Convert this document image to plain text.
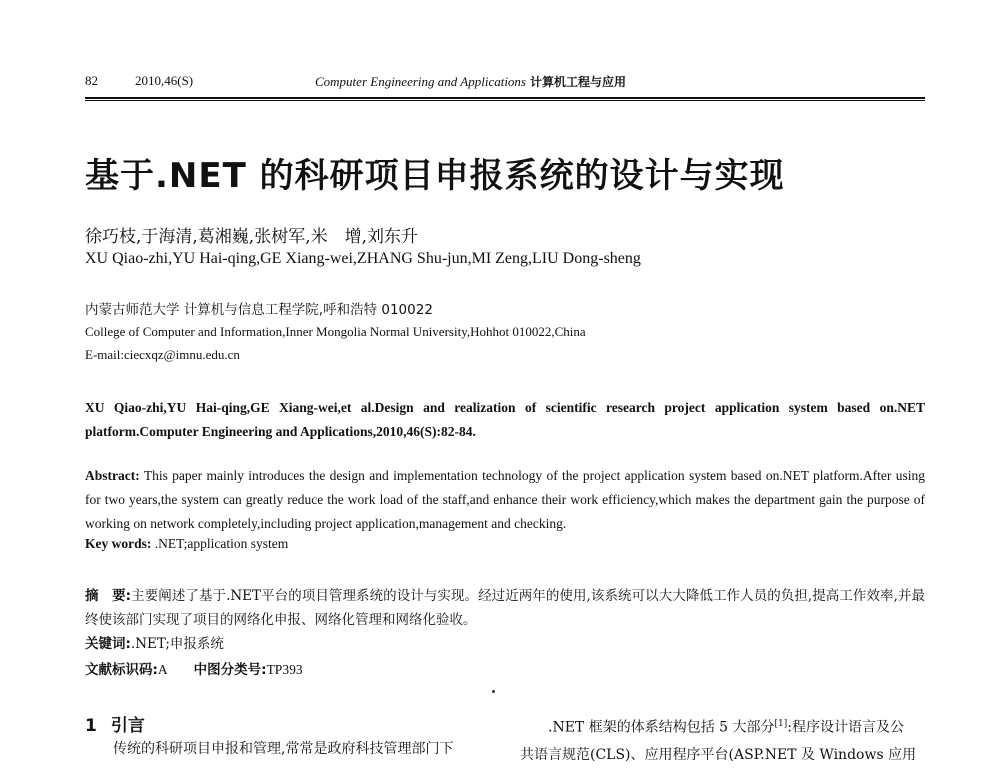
82	2010,46(S)	Computer Engineering and Applications 计算机工程与应用
基于.NET 的科研项目申报系统的设计与实现
徐巧枝,于海清,葛湘巍,张树军,米　增,刘东升
XU Qiao-zhi,YU Hai-qing,GE Xiang-wei,ZHANG Shu-jun,MI Zeng,LIU Dong-sheng
内蒙古师范大学 计算机与信息工程学院,呼和浩特 010022
College of Computer and Information,Inner Mongolia Normal University,Hohhot 010022,China
E-mail:ciecxqz@imnu.edu.cn
XU Qiao-zhi,YU Hai-qing,GE Xiang-wei,et al.Design and realization of scientific research project application system based on.NET platform.Computer Engineering and Applications,2010,46(S):82-84.
Abstract: This paper mainly introduces the design and implementation technology of the project application system based on.NET platform.After using for two years,the system can greatly reduce the work load of the staff,and enhance their work efficiency,which makes the department gain the purpose of working on network completely,including project application,management and checking.
Key words: .NET;application system
摘　要:主要阐述了基于.NET平台的项目管理系统的设计与实现。经过近两年的使用,该系统可以大大降低工作人员的负担,提高工作效率,并最终使该部门实现了项目的网络化申报、网络化管理和网络化验收。
关键词:.NET;申报系统
文献标识码:A 中图分类号:TP393
1 引言
传统的科研项目申报和管理,常常是政府科技管理部门下

.NET 框架的体系结构包括 5 大部分[1]:程序设计语言及公

共语言规范(CLS)、应用程序平台(ASP.NET 及 Windows 应用
